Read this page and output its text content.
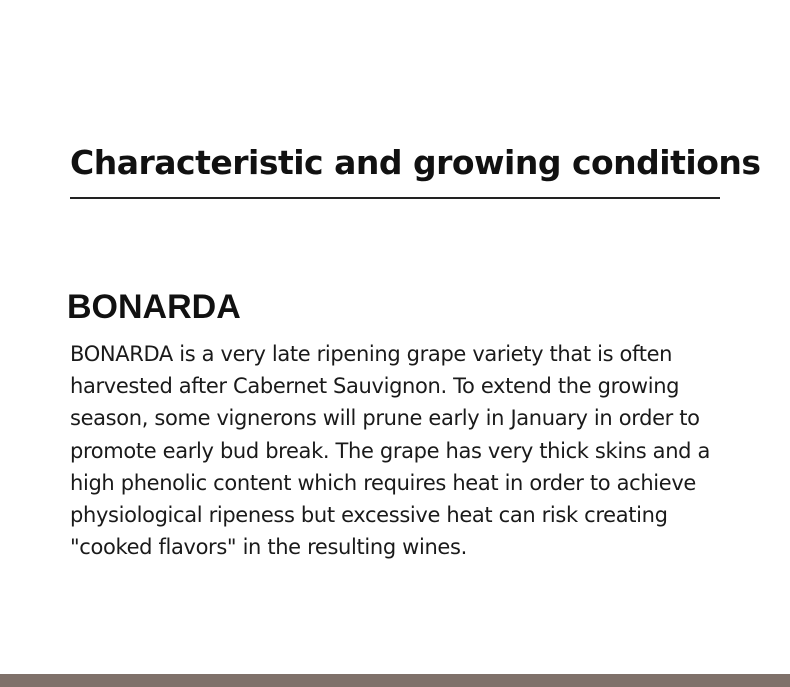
Characteristic and growing conditions
BONARDA

BONARDA is a very late ripening grape variety that is often harvested after Cabernet Sauvignon. To extend the growing season, some vignerons will prune early in January in order to promote early bud break. The grape has very thick skins and a high phenolic content which requires heat in order to achieve physiological ripeness but excessive heat can risk creating "cooked flavors" in the resulting wines.
